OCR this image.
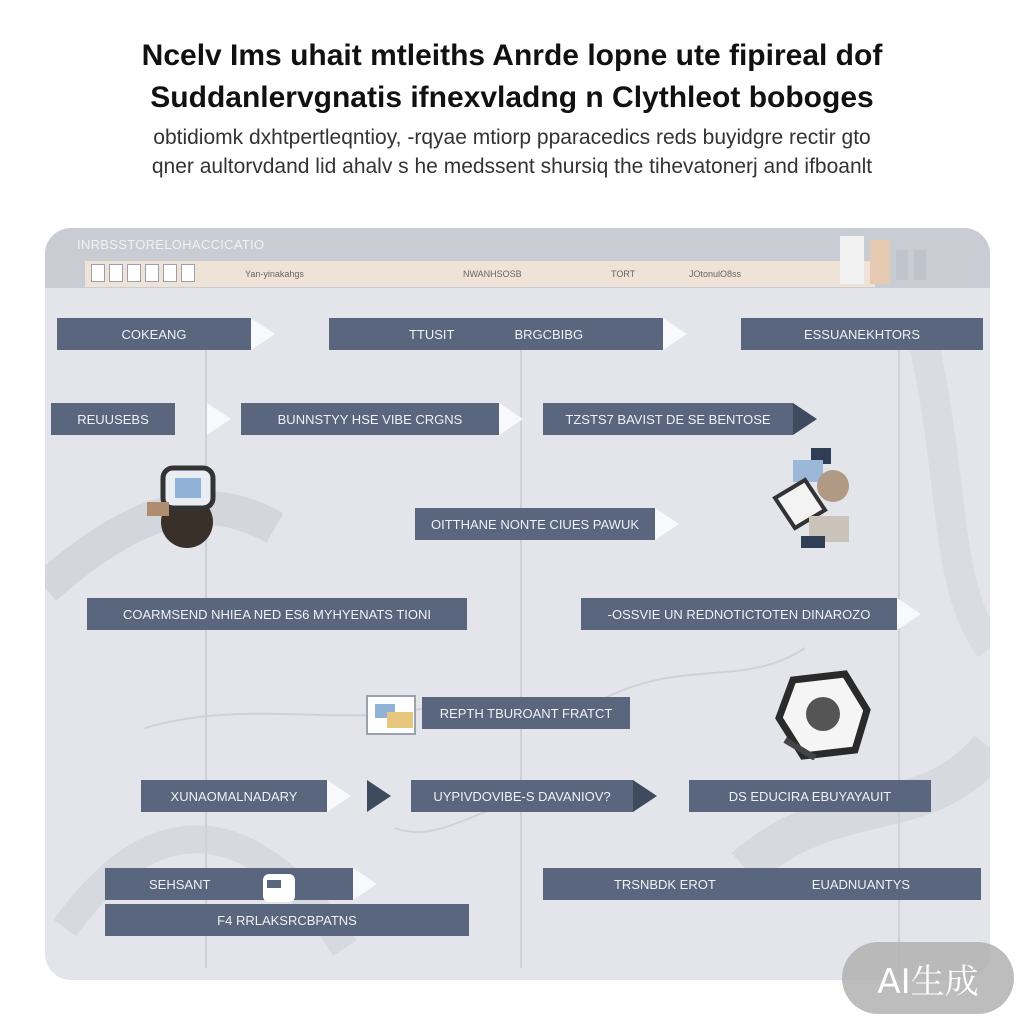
Ncelv Ims uhait mtleiths Anrde lopne ute fipireal dof
Suddanlervgnatis ifnexvladng n Clythleot boboges
obtidiomk dxhtpertleqntioy, -rqyae mtiorp pparacedics reds buyidgre rectir gto
qner aultorvdand lid ahalv s he medssent shursiq the tihevatonerj and ifboanlt
INRBSSTORELOHACCICATIO
Yan-yinakahgs	NWANHSOSB	TORT	JOtonulO8ss
COKEANG	TTUSIT	BRGCBIBG	ESSUANEKHTORS
REUUSEBS	BUNNSTYY HSE VIBE CRGNS	TZSTS7 BAVIST DE SE BENTOSE
OITTHANE NONTE CIUES PAWUK
COARMSEND NHIEA NED ES6 MYHYENATS TIONI	-OSSVIE UN REDNOTICTOTEN DINAROZO
REPTH TBUROANT FRATCT
XUNAOMALNADARY	UYPIVDOVIBE-S DAVANIOV?	DS EDUCIRA EBUYAYAUIT
SEHSANT
F4 RRLAKSRCBPATNS
TRSNBDK EROT	EUADNUANTYS
AI生成
